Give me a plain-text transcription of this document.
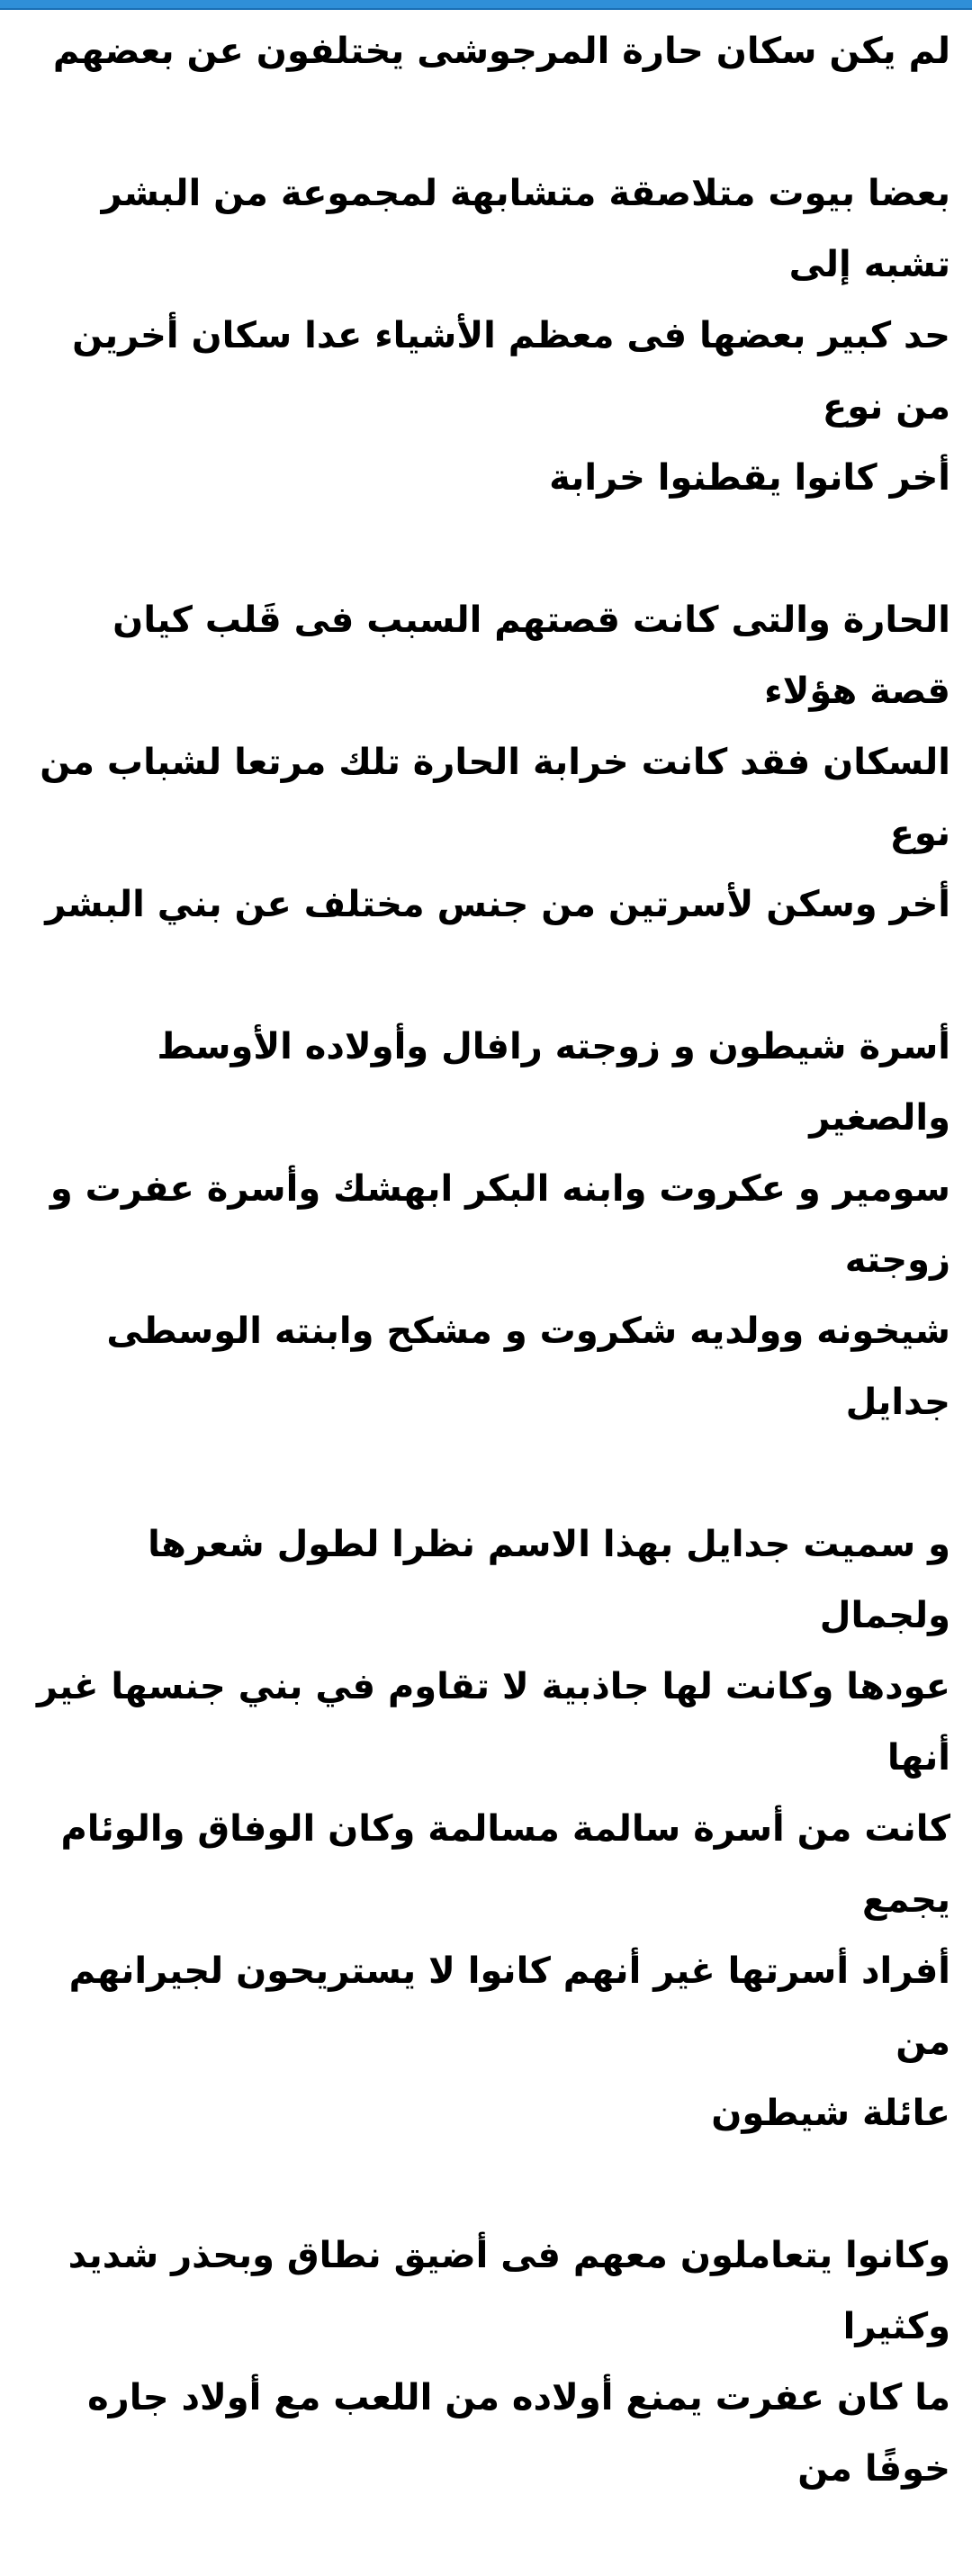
لم يكن سكان حارة المرجوشى يختلفون عن بعضهم

بعضا بيوت متلاصقة متشابهة لمجموعة من البشر تشبه إلى
حد كبير بعضها فى معظم الأشياء عدا سكان أخرين من نوع
أخر كانوا يقطنوا خرابة

الحارة والتى كانت قصتهم السبب فى قَلب كيان قصة هؤلاء
السكان فقد كانت خرابة الحارة تلك مرتعا لشباب من نوع
أخر وسكن لأسرتين من جنس مختلف عن بني البشر

أسرة شيطون و زوجته رافال وأولاده الأوسط والصغير
سومير و عكروت وابنه البكر ابهشك وأسرة عفرت و زوجته
شيخونه وولديه شكروت و مشكح وابنته الوسطى جدايل

و سميت جدايل بهذا الاسم نظرا لطول شعرها ولجمال
عودها وكانت لها جاذبية لا تقاوم في بني جنسها غير أنها
كانت من أسرة سالمة مسالمة وكان الوفاق والوئام يجمع
أفراد أسرتها غير أنهم كانوا لا يستريحون لجيرانهم من
عائلة شيطون

وكانوا يتعاملون معهم فى أضيق نطاق وبحذر شديد وكثيرا
ما كان عفرت يمنع أولاده من اللعب مع أولاد جاره خوفًا من
